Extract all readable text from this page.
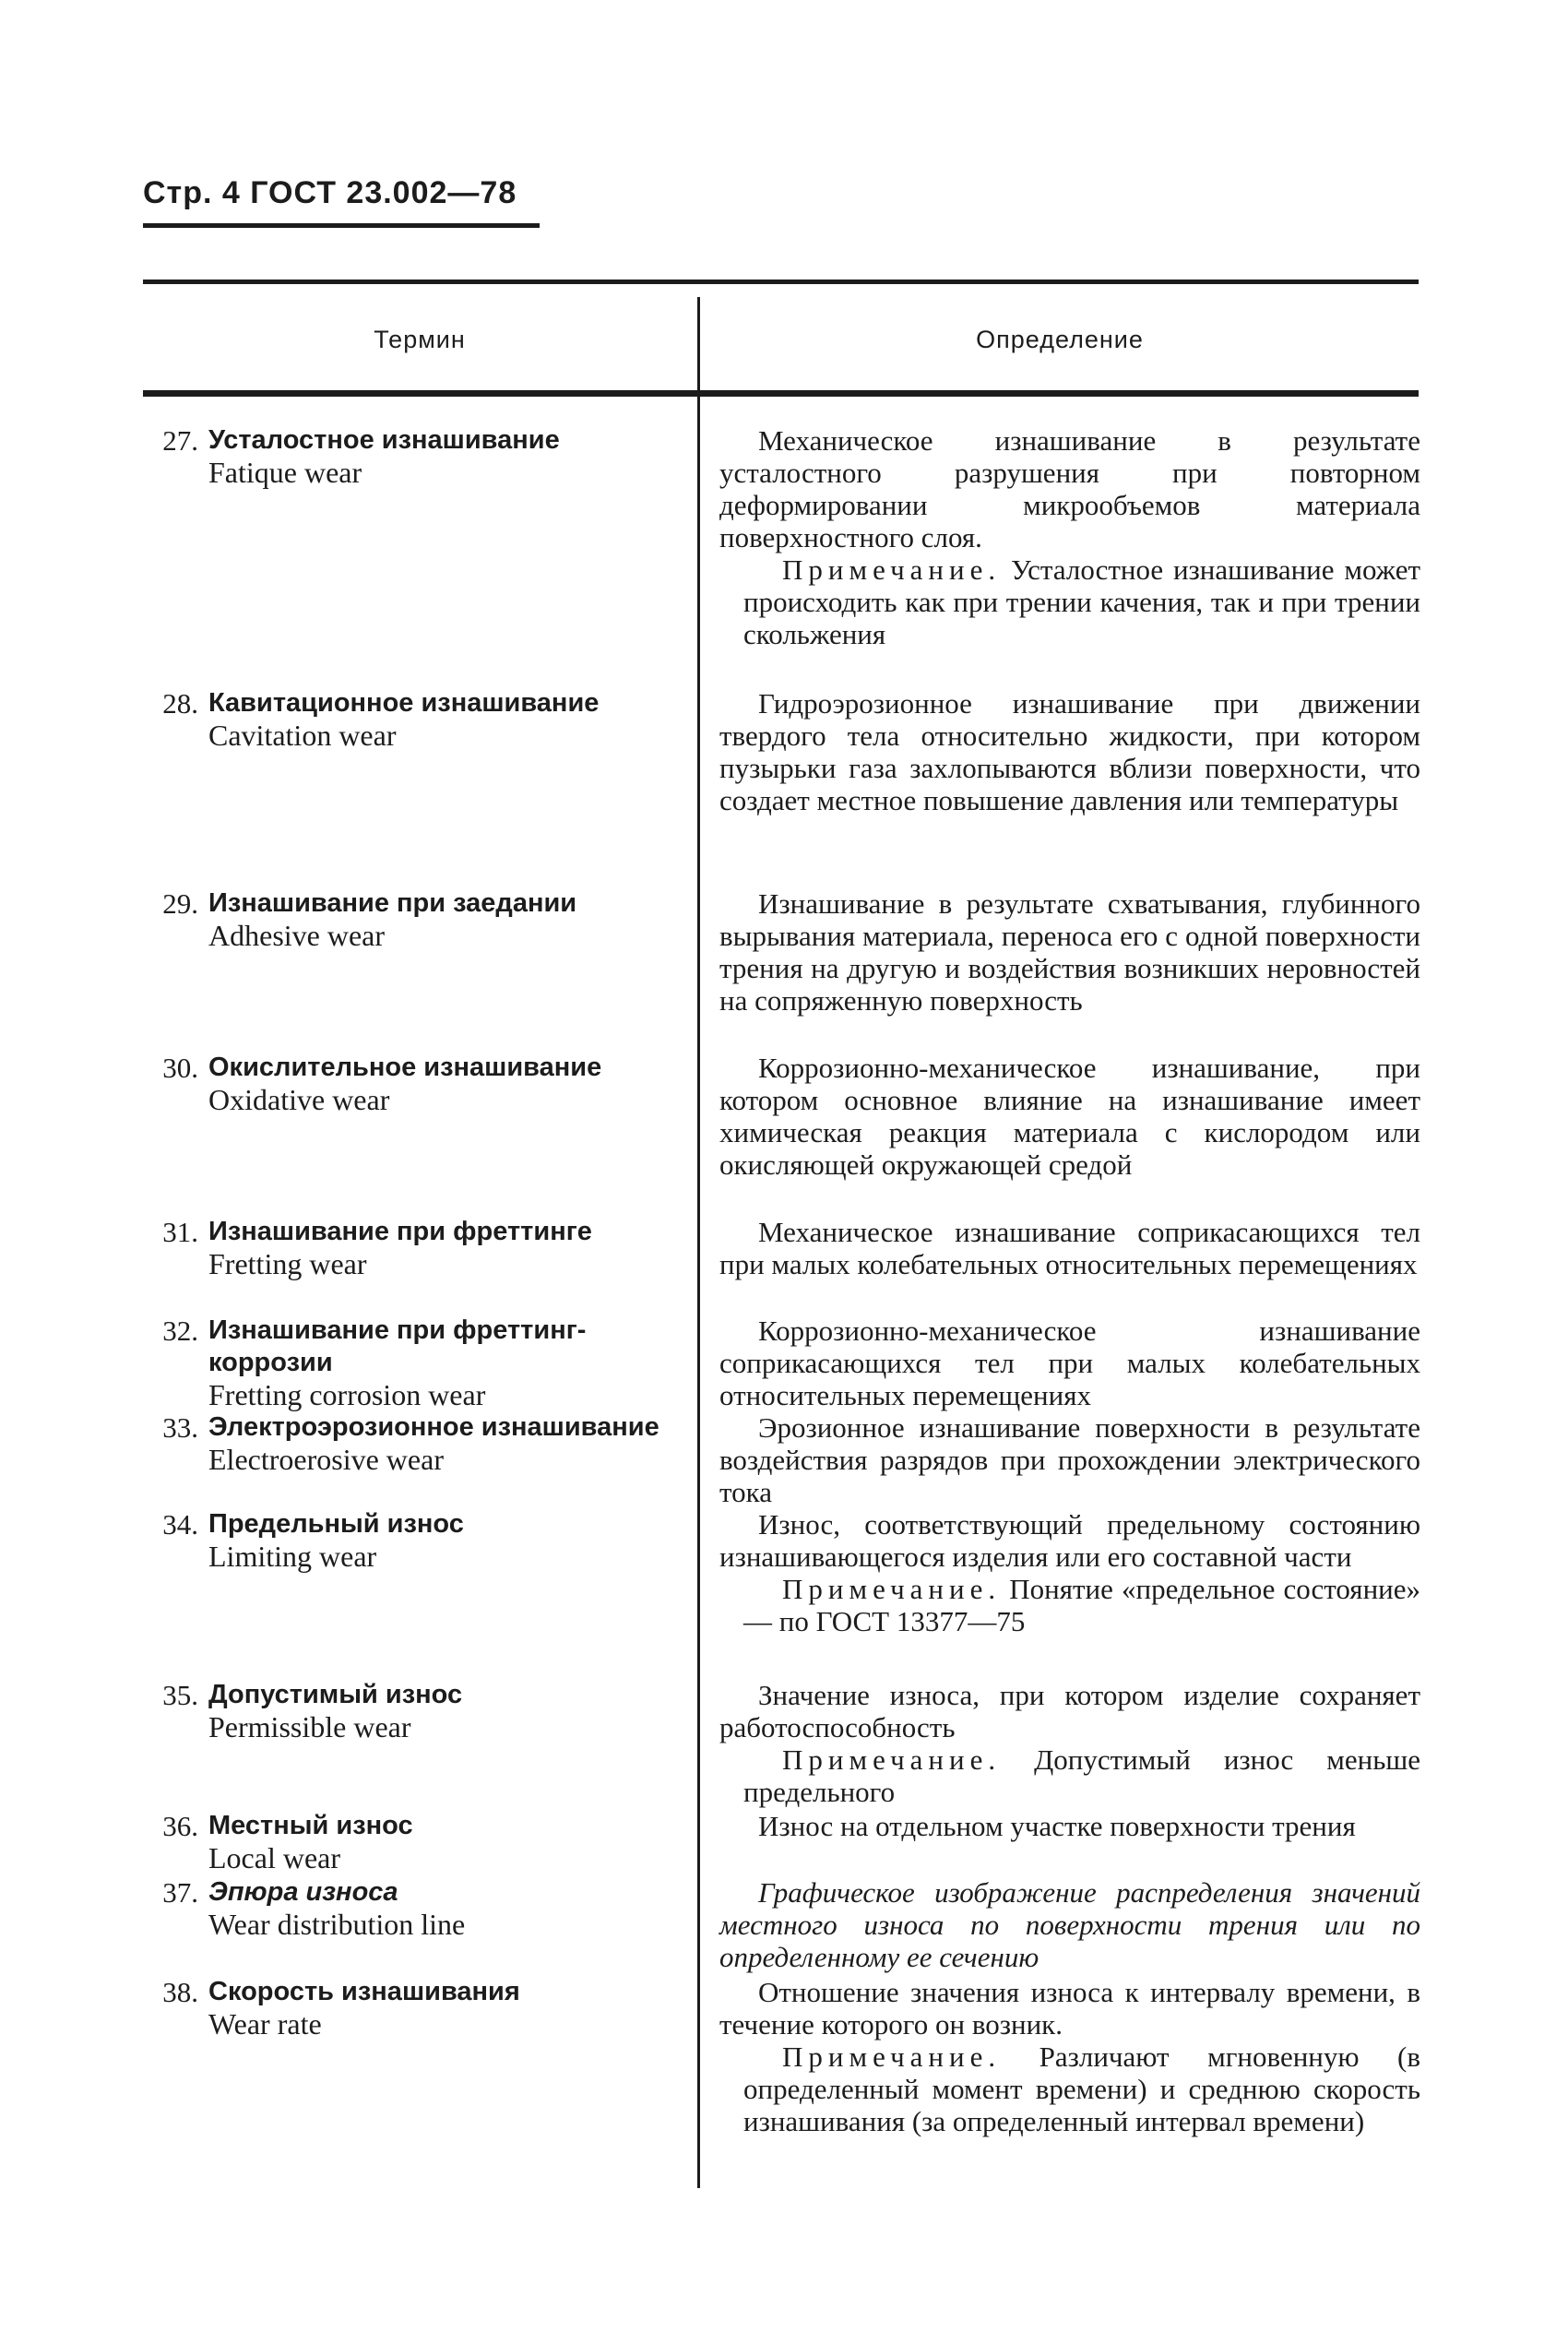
Стр. 4 ГОСТ 23.002—78
Термин	Определение
27. Усталостное изнашивание
Fatique wear
Механическое изнашивание в результате усталостного разрушения при повторном деформировании микрообъемов материала поверхностного слоя.
Примечание. Усталостное изнашивание может происходить как при трении качения, так и при трении скольжения
28. Кавитационное изнашивание
Cavitation wear
Гидроэрозионное изнашивание при движении твердого тела относительно жидкости, при котором пузырьки газа захлопываются вблизи поверхности, что создает местное повышение давления или температуры
29. Изнашивание при заедании
Adhesive wear
Изнашивание в результате схватывания, глубинного вырывания материала, переноса его с одной поверхности трения на другую и воздействия возникших неровностей на сопряженную поверхность
30. Окислительное изнашивание
Oxidative wear
Коррозионно-механическое изнашивание, при котором основное влияние на изнашивание имеет химическая реакция материала с кислородом или окисляющей окружающей средой
31. Изнашивание при фреттинге
Fretting wear
Механическое изнашивание соприкасающихся тел при малых колебательных относительных перемещениях
32. Изнашивание при фреттинг-коррозии
Fretting corrosion wear
Коррозионно-механическое изнашивание соприкасающихся тел при малых колебательных относительных перемещениях
33. Электроэрозионное изнашивание
Electroerosive wear
Эрозионное изнашивание поверхности в результате воздействия разрядов при прохождении электрического тока
34. Предельный износ
Limiting wear
Износ, соответствующий предельному состоянию изнашивающегося изделия или его составной части
Примечание. Понятие «предельное состояние» — по ГОСТ 13377—75
35. Допустимый износ
Permissible wear
Значение износа, при котором изделие сохраняет работоспособность
Примечание. Допустимый износ меньше предельного
36. Местный износ
Local wear
Износ на отдельном участке поверхности трения
37. Эпюра износа
Wear distribution line
Графическое изображение распределения значений местного износа по поверхности трения или по определенному ее сечению
38. Скорость изнашивания
Wear rate
Отношение значения износа к интервалу времени, в течение которого он возник.
Примечание. Различают мгновенную (в определенный момент времени) и среднюю скорость изнашивания (за определенный интервал времени)
